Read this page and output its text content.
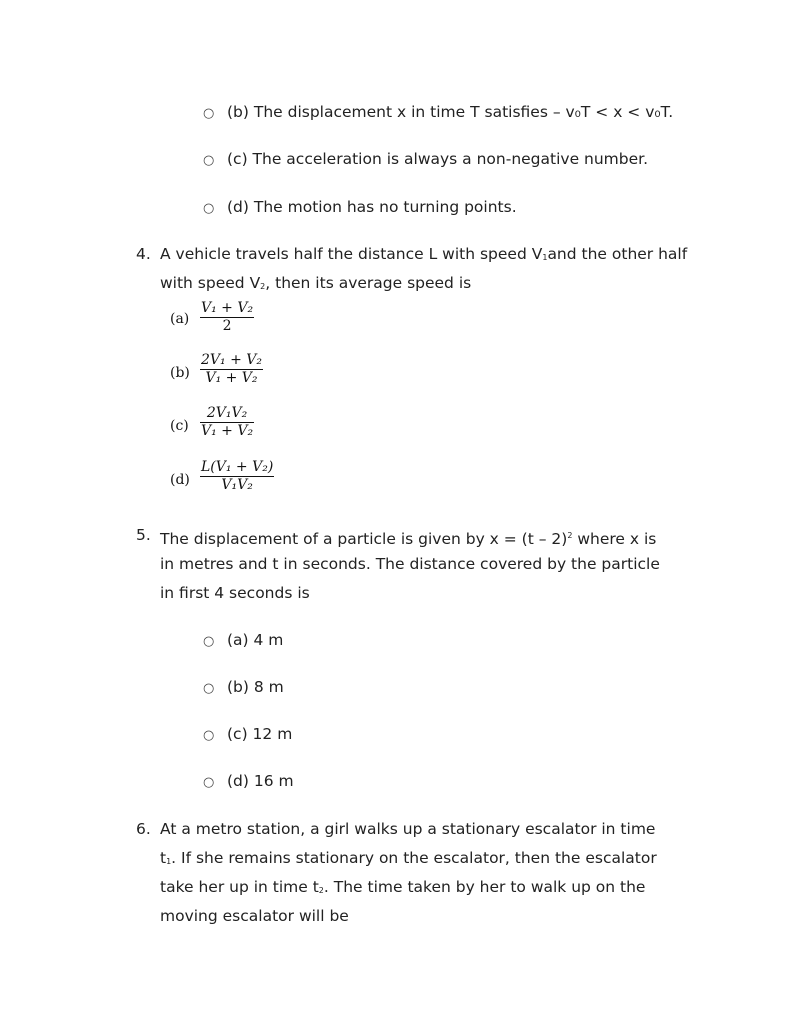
○ (b) The displacement x in time T satisfies – v₀T < x < v₀T.
○ (c) The acceleration is always a non-negative number.
○ (d) The motion has no turning points.
4. A vehicle travels half the distance L with speed $V_1and$ the other half
with speed $V_2$, then its average speed is
(a)
V₁ + V₂
2
(b)
2V₁ + V₂
V₁ + V₂
(c)
2V₁V₂
V₁ + V₂
(d)
L(V₁ + V₂)
V₁V₂
5. The displacement of a particle is given by x = (t – 2)$^2$ where x is
in metres and t in seconds. The distance covered by the particle
in first 4 seconds is
○ (a) 4 m
○ (b) 8 m
○ (c) 12 m
○ (d) 16 m
6. At a metro station, a girl walks up a stationary escalator in time
$t_1$. If she remains stationary on the escalator, then the escalator
take her up in time $t_2$. The time taken by her to walk up on the
moving escalator will be
